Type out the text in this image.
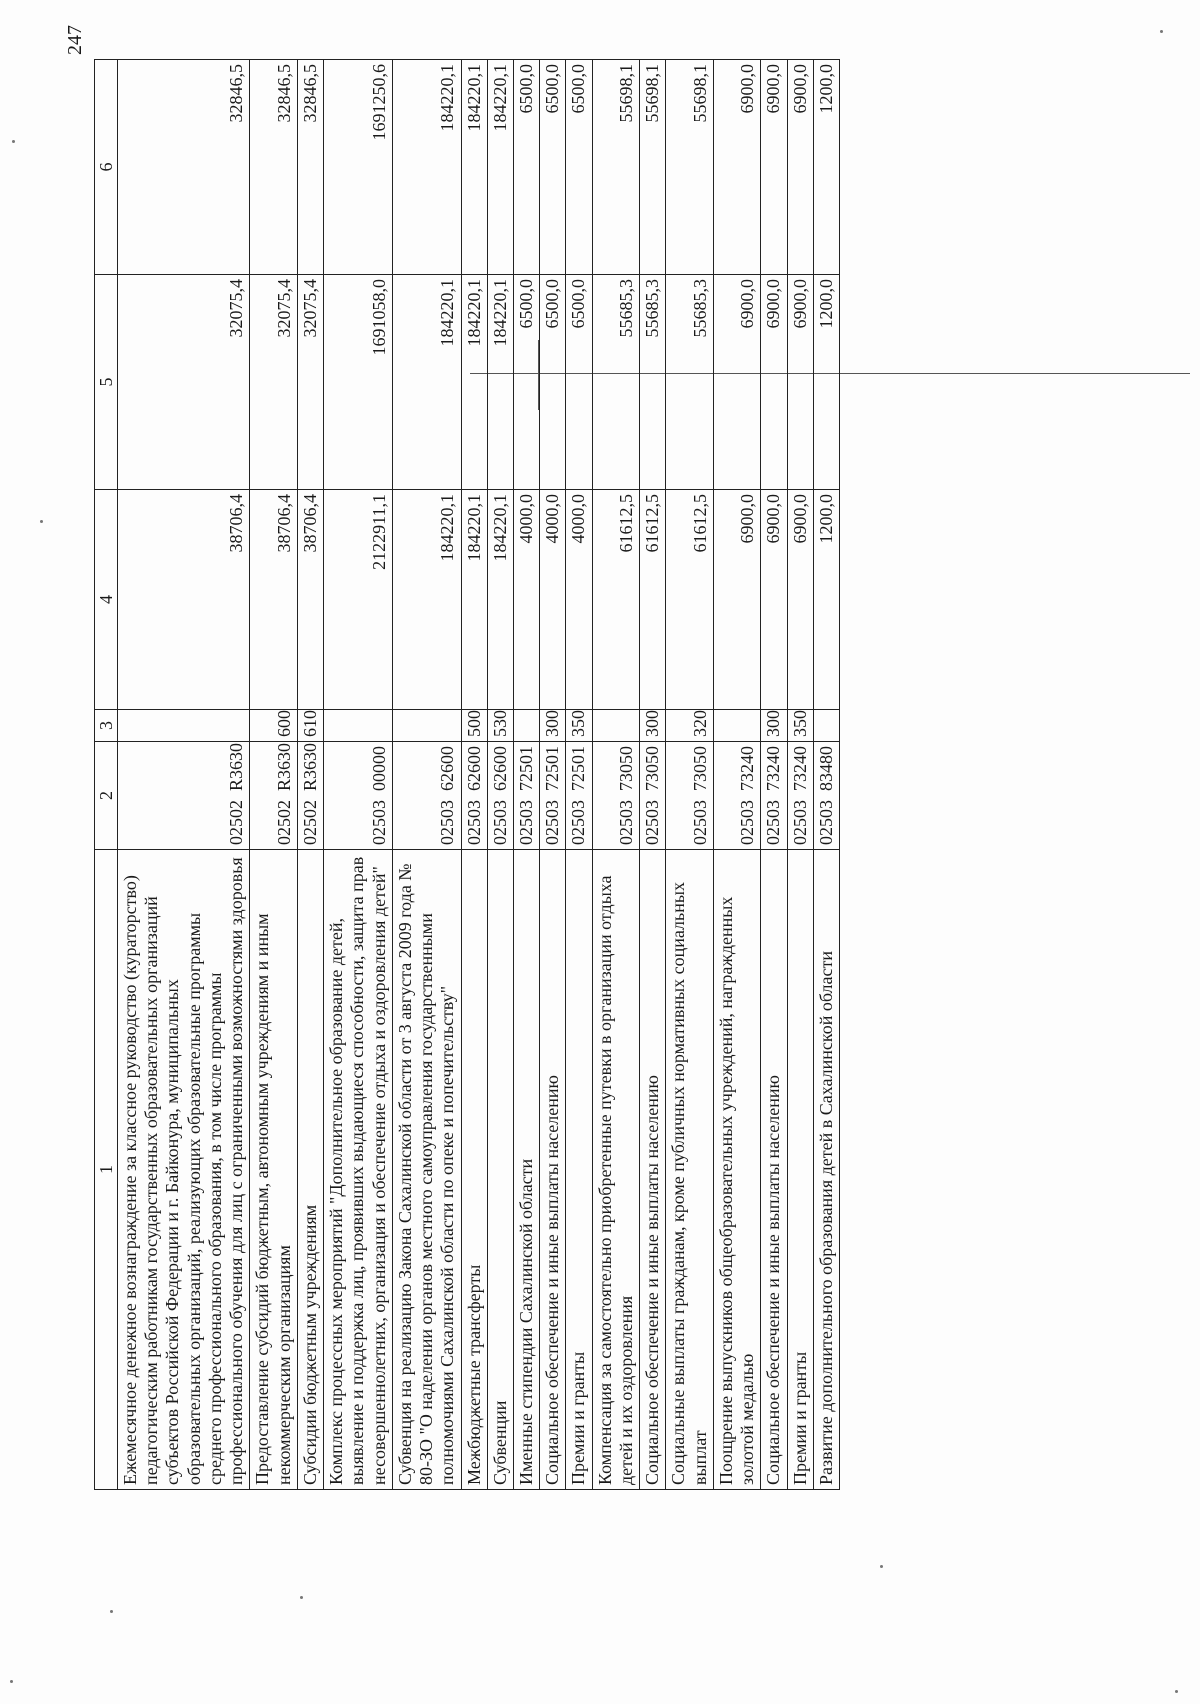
247
1	2	3	4	5	6
Ежемесячное денежное вознаграждение за классное руководство (кураторство) педагогическим работникам государственных образовательных организаций субъектов Российской Федерации и г. Байконура, муниципальных образовательных организаций, реализующих образовательные программы среднего профессионального образования, в том числе программы профессионального обучения для лиц с ограниченными возможностями здоровья	02502  R3630		38706,4	32075,4	32846,5
Предоставление субсидий бюджетным, автономным учреждениям и иным некоммерческим организациям	02502  R3630	600	38706,4	32075,4	32846,5
Субсидии бюджетным учреждениям	02502  R3630	610	38706,4	32075,4	32846,5
Комплекс процессных мероприятий "Дополнительное образование детей, выявление и поддержка лиц, проявивших выдающиеся способности, защита прав несовершеннолетних, организация и обеспечение отдыха и оздоровления детей"	02503  00000		2122911,1	1691058,0	1691250,6
Субвенция на реализацию Закона Сахалинской области от 3 августа 2009 года № 80-ЗО "О наделении органов местного самоуправления государственными полномочиями Сахалинской области по опеке и попечительству"	02503  62600		184220,1	184220,1	184220,1
Межбюджетные трансферты	02503  62600	500	184220,1	184220,1	184220,1
Субвенции	02503  62600	530	184220,1	184220,1	184220,1
Именные стипендии Сахалинской области	02503  72501		4000,0	6500,0	6500,0
Социальное обеспечение и иные выплаты населению	02503  72501	300	4000,0	6500,0	6500,0
Премии и гранты	02503  72501	350	4000,0	6500,0	6500,0
Компенсация за самостоятельно приобретенные путевки в организации отдыха детей и их оздоровления	02503  73050		61612,5	55685,3	55698,1
Социальное обеспечение и иные выплаты населению	02503  73050	300	61612,5	55685,3	55698,1
Социальные выплаты гражданам, кроме публичных нормативных социальных выплат	02503  73050	320	61612,5	55685,3	55698,1
Поощрение выпускников общеобразовательных учреждений, награжденных золотой медалью	02503  73240		6900,0	6900,0	6900,0
Социальное обеспечение и иные выплаты населению	02503  73240	300	6900,0	6900,0	6900,0
Премии и гранты	02503  73240	350	6900,0	6900,0	6900,0
Развитие дополнительного образования детей в Сахалинской области	02503  83480		1200,0	1200,0	1200,0
